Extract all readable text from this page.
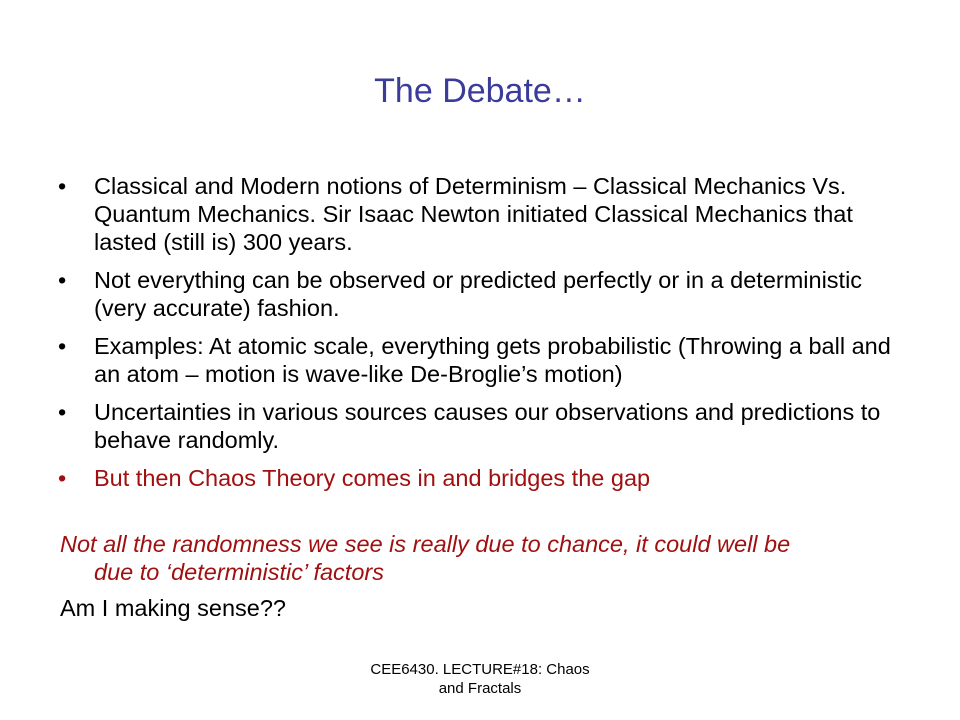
The Debate…
•	Classical and Modern notions of Determinism – Classical Mechanics Vs. Quantum Mechanics. Sir Isaac Newton initiated Classical Mechanics that lasted (still is) 300 years.
•	Not everything can be observed or predicted perfectly or in a deterministic (very accurate) fashion.
•	Examples: At atomic scale, everything gets probabilistic (Throwing a ball and an atom – motion is wave-like De-Broglie’s motion)
•	Uncertainties in various sources causes our observations and predictions to behave randomly.
•	But then Chaos Theory comes in and bridges the gap
Not all the randomness we see is really due to chance, it could well be
due to ‘deterministic’ factors
Am I making sense??
CEE6430. LECTURE#18: Chaos
and Fractals
